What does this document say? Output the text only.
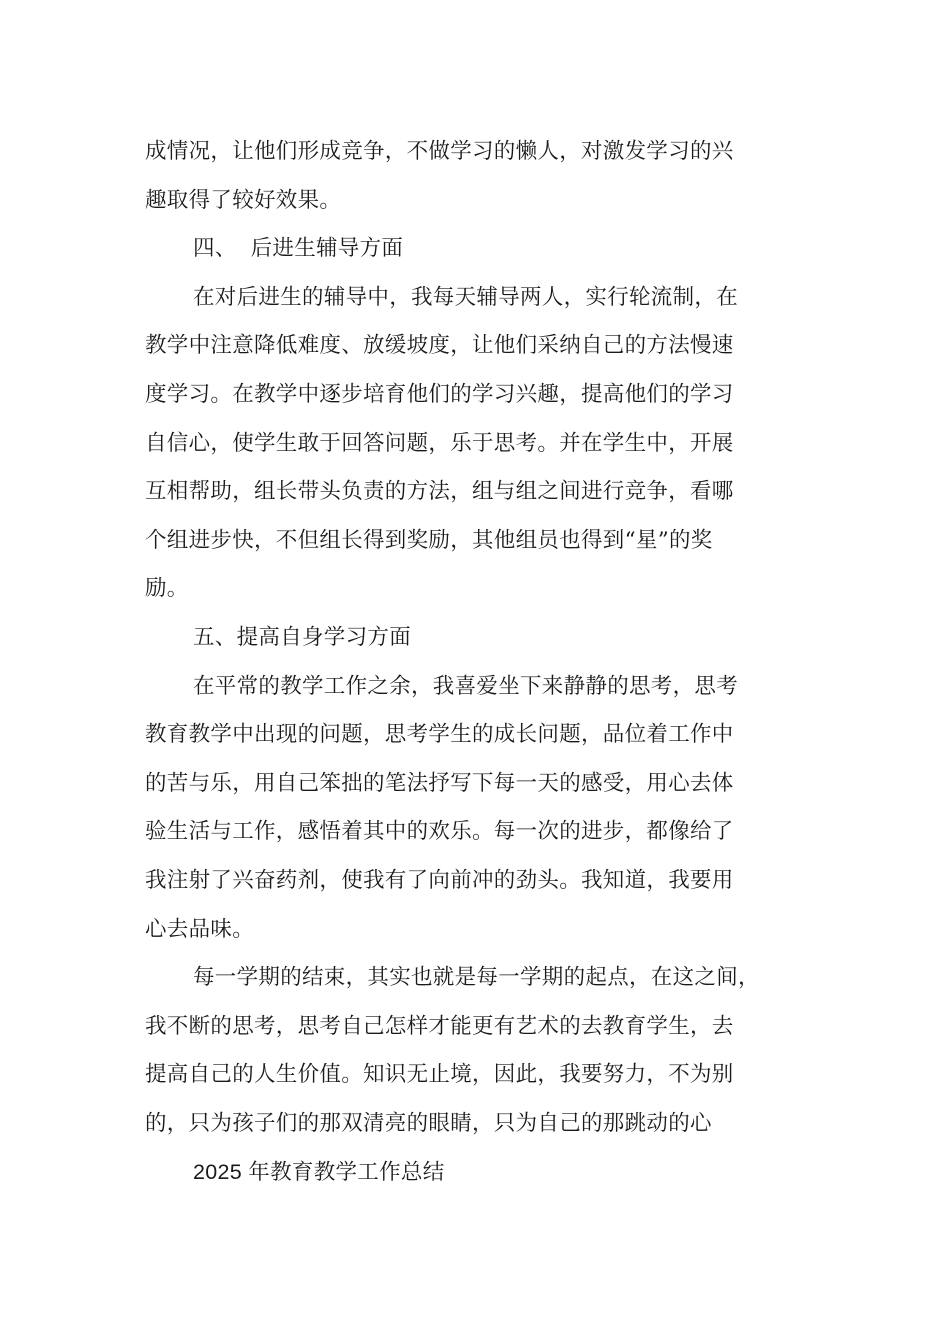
成情况，让他们形成竞争，不做学习的懒人，对激发学习的兴
趣取得了较好效果。
四、 后进生辅导方面
在对后进生的辅导中，我每天辅导两人，实行轮流制，在
教学中注意降低难度、放缓坡度，让他们采纳自己的方法慢速
度学习。在教学中逐步培育他们的学习兴趣，提高他们的学习
自信心，使学生敢于回答问题，乐于思考。并在学生中，开展
互相帮助，组长带头负责的方法，组与组之间进行竞争，看哪
个组进步快，不但组长得到奖励，其他组员也得到“星”的奖
励。
五、提高自身学习方面
在平常的教学工作之余，我喜爱坐下来静静的思考，思考
教育教学中出现的问题，思考学生的成长问题，品位着工作中
的苦与乐，用自己笨拙的笔法抒写下每一天的感受，用心去体
验生活与工作，感悟着其中的欢乐。每一次的进步，都像给了
我注射了兴奋药剂，使我有了向前冲的劲头。我知道，我要用
心去品味。
每一学期的结束，其实也就是每一学期的起点，在这之间，
我不断的思考，思考自己怎样才能更有艺术的去教育学生，去
提高自己的人生价值。知识无止境，因此，我要努力，不为别
的，只为孩子们的那双清亮的眼睛，只为自己的那跳动的心
2025 年教育教学工作总结
